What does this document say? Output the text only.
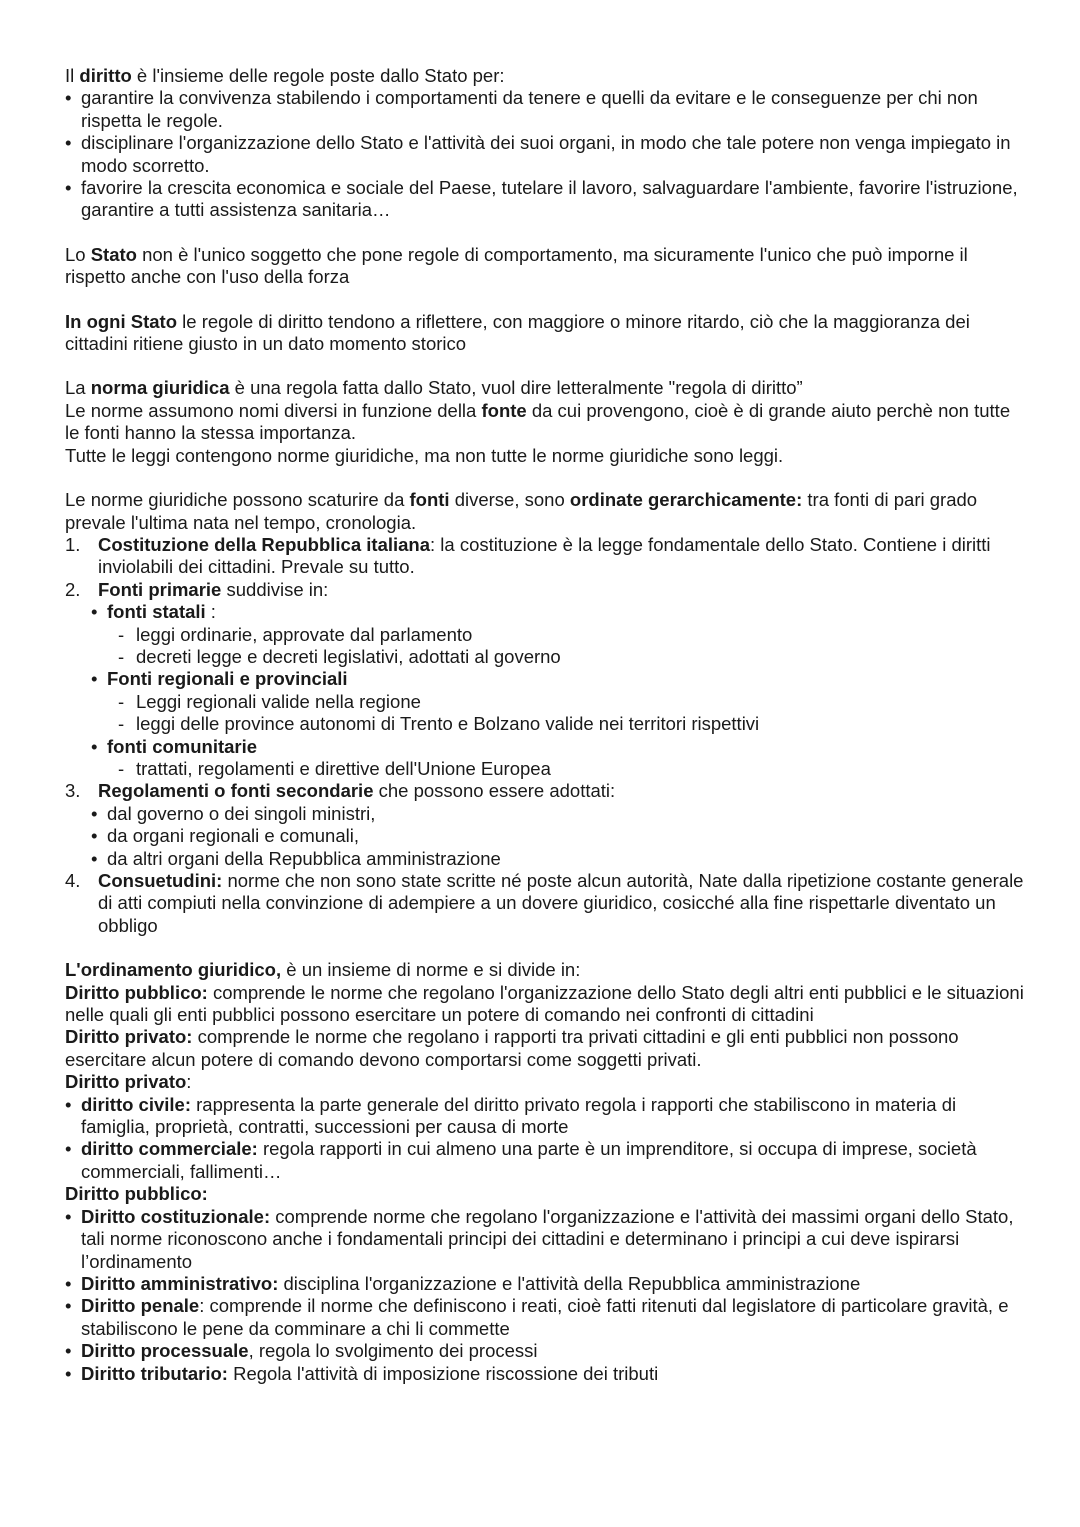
Il diritto è l'insieme delle regole poste dallo Stato per:

• garantire la convivenza stabilendo i comportamenti da tenere e quelli da evitare e le conseguenze per chi non rispetta le regole.
• disciplinare l'organizzazione dello Stato e l'attività dei suoi organi, in modo che tale potere non venga impiegato in modo scorretto.
• favorire la crescita economica e sociale del Paese, tutelare il lavoro, salvaguardare l'ambiente, favorire l'istruzione, garantire a tutti assistenza sanitaria…

Lo Stato non è l'unico soggetto che pone regole di comportamento, ma sicuramente l'unico che può imporne il rispetto anche con l'uso della forza

In ogni Stato le regole di diritto tendono a riflettere, con maggiore o minore ritardo, ciò che la maggioranza dei cittadini ritiene giusto in un dato momento storico

La norma giuridica è una regola fatta dallo Stato, vuol dire letteralmente "regola di diritto”

Le norme assumono nomi diversi in funzione della fonte da cui provengono, cioè è di grande aiuto perchè non tutte le fonti hanno la stessa importanza.

Tutte le leggi contengono norme giuridiche, ma non tutte le norme giuridiche sono leggi.

Le norme giuridiche possono scaturire da fonti diverse, sono ordinate gerarchicamente: tra fonti di pari grado prevale l'ultima nata nel tempo, cronologia.

1. Costituzione della Repubblica italiana: la costituzione è la legge fondamentale dello Stato. Contiene i diritti inviolabili dei cittadini. Prevale su tutto.
2. Fonti primarie suddivise in:
• fonti statali :
- leggi ordinarie, approvate dal parlamento
- decreti legge e decreti legislativi, adottati al governo
• Fonti regionali e provinciali
- Leggi regionali valide nella regione
- leggi delle province autonomi di Trento e Bolzano valide nei territori rispettivi
• fonti comunitarie
- trattati, regolamenti e direttive dell'Unione Europea
3. Regolamenti o fonti secondarie che possono essere adottati:
• dal governo o dei singoli ministri,
• da organi regionali e comunali,
• da altri organi della Repubblica amministrazione
4. Consuetudini: norme che non sono state scritte né poste alcun autorità, Nate dalla ripetizione costante generale di atti compiuti nella convinzione di adempiere a un dovere giuridico, cosicché alla fine rispettarle diventato un obbligo

L'ordinamento giuridico, è un insieme di norme e si divide in:

Diritto pubblico: comprende le norme che regolano l'organizzazione dello Stato degli altri enti pubblici e le situazioni nelle quali gli enti pubblici possono esercitare un potere di comando nei confronti di cittadini

Diritto privato: comprende le norme che regolano i rapporti tra privati cittadini e gli enti pubblici non possono esercitare alcun potere di comando devono comportarsi come soggetti privati.

Diritto privato:

• diritto civile: rappresenta la parte generale del diritto privato regola i rapporti che stabiliscono in materia di famiglia, proprietà, contratti, successioni per causa di morte
• diritto commerciale: regola rapporti in cui almeno una parte è un imprenditore, si occupa di imprese, società commerciali, fallimenti…

Diritto pubblico:

• Diritto costituzionale: comprende norme che regolano l'organizzazione e l'attività dei massimi organi dello Stato, tali norme riconoscono anche i fondamentali principi dei cittadini e determinano i principi a cui deve ispirarsi l’ordinamento
• Diritto amministrativo: disciplina l'organizzazione e l'attività della Repubblica amministrazione
• Diritto penale: comprende il norme che definiscono i reati, cioè fatti ritenuti dal legislatore di particolare gravità, e stabiliscono le pene da comminare a chi li commette
• Diritto processuale, regola lo svolgimento dei processi
• Diritto tributario: Regola l'attività di imposizione riscossione dei tributi
